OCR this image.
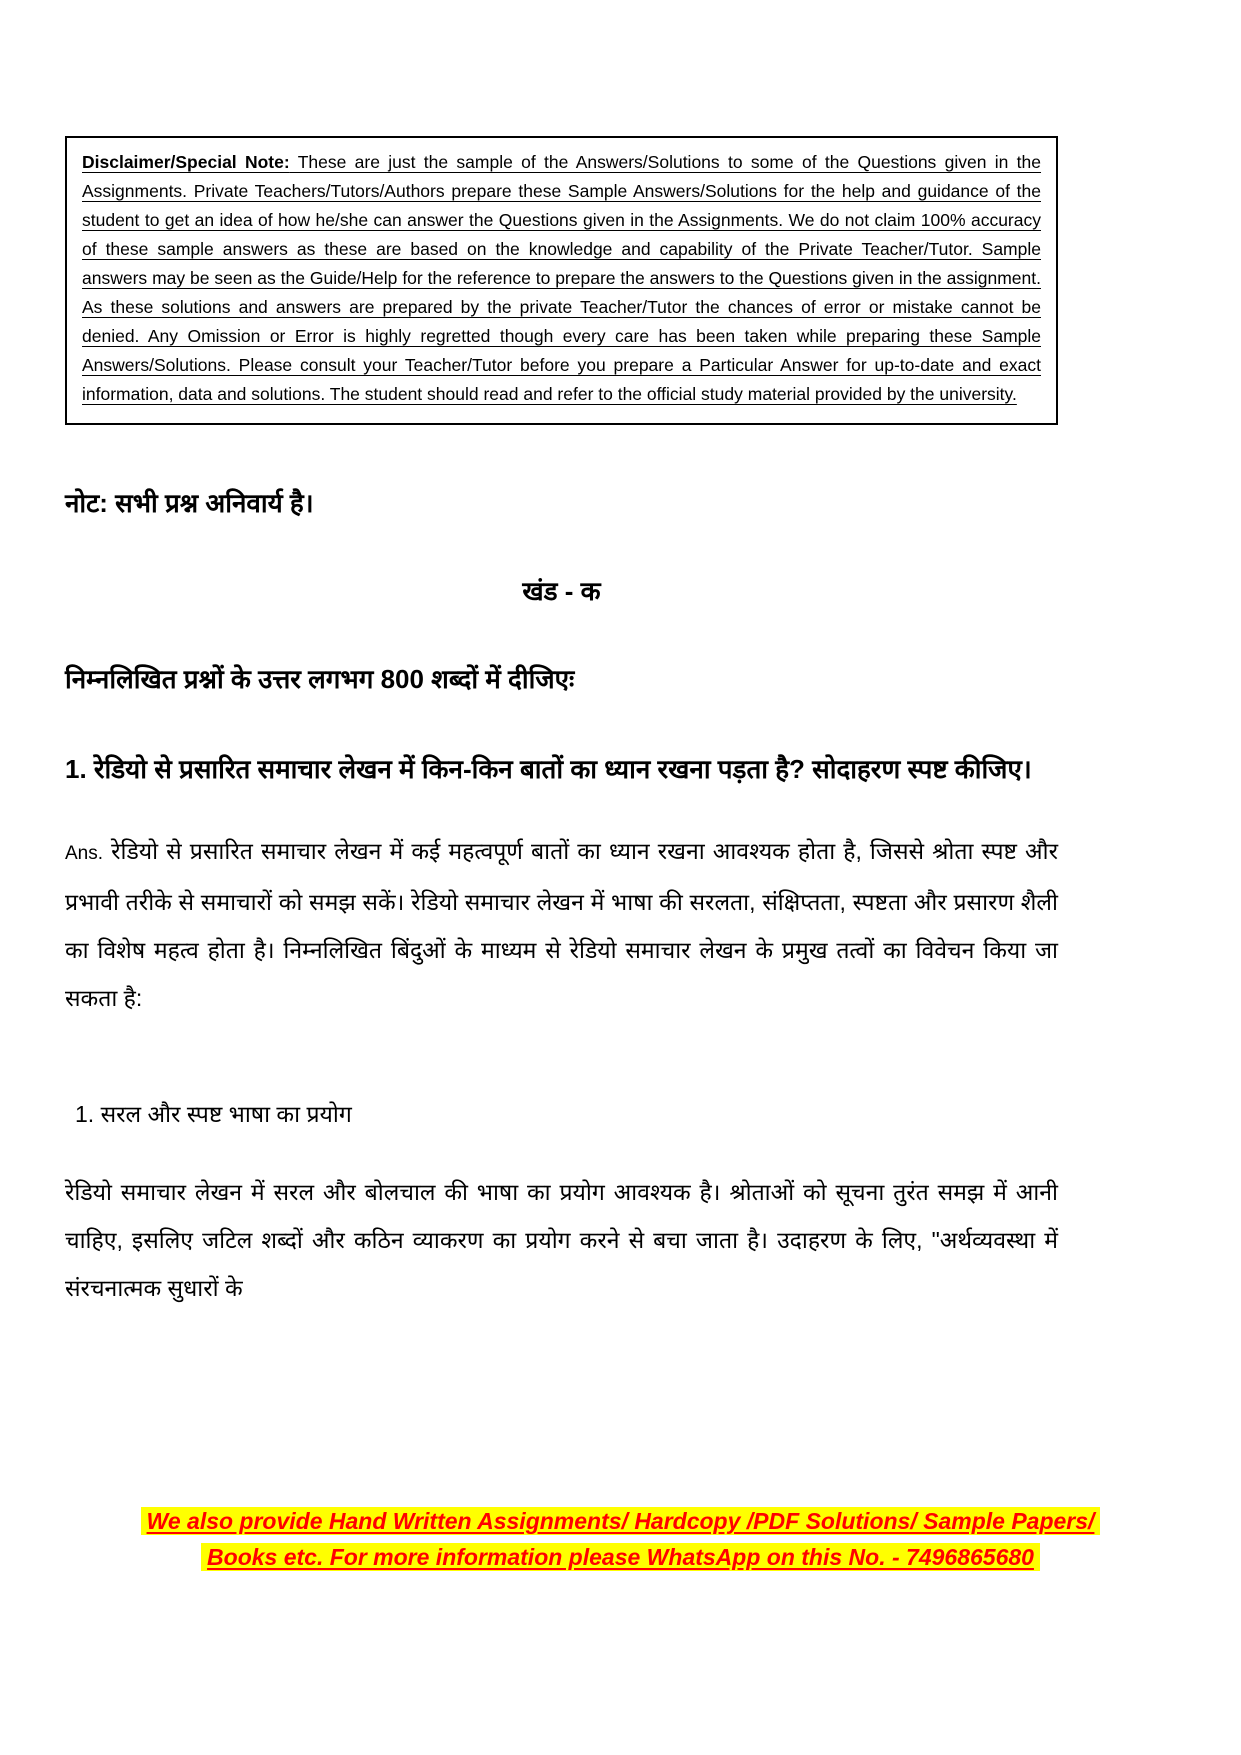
Disclaimer/Special Note: These are just the sample of the Answers/Solutions to some of the Questions given in the Assignments. Private Teachers/Tutors/Authors prepare these Sample Answers/Solutions for the help and guidance of the student to get an idea of how he/she can answer the Questions given in the Assignments. We do not claim 100% accuracy of these sample answers as these are based on the knowledge and capability of the Private Teacher/Tutor. Sample answers may be seen as the Guide/Help for the reference to prepare the answers to the Questions given in the assignment. As these solutions and answers are prepared by the private Teacher/Tutor the chances of error or mistake cannot be denied. Any Omission or Error is highly regretted though every care has been taken while preparing these Sample Answers/Solutions. Please consult your Teacher/Tutor before you prepare a Particular Answer for up-to-date and exact information, data and solutions. The student should read and refer to the official study material provided by the university.

नोट: सभी प्रश्न अनिवार्य है।
खंड - क
निम्नलिखित प्रश्नों के उत्तर लगभग 800 शब्दों में दीजिएः
1. रेडियो से प्रसारित समाचार लेखन में किन-किन बातों का ध्यान रखना पड़ता है? सोदाहरण स्पष्ट कीजिए।

Ans. रेडियो से प्रसारित समाचार लेखन में कई महत्वपूर्ण बातों का ध्यान रखना आवश्यक होता है, जिससे श्रोता स्पष्ट और प्रभावी तरीके से समाचारों को समझ सकें। रेडियो समाचार लेखन में भाषा की सरलता, संक्षिप्तता, स्पष्टता और प्रसारण शैली का विशेष महत्व होता है। निम्नलिखित बिंदुओं के माध्यम से रेडियो समाचार लेखन के प्रमुख तत्वों का विवेचन किया जा सकता है:

1. सरल और स्पष्ट भाषा का प्रयोग

रेडियो समाचार लेखन में सरल और बोलचाल की भाषा का प्रयोग आवश्यक है। श्रोताओं को सूचना तुरंत समझ में आनी चाहिए, इसलिए जटिल शब्दों और कठिन व्याकरण का प्रयोग करने से बचा जाता है। उदाहरण के लिए, "अर्थव्यवस्था में संरचनात्मक सुधारों के

We also provide Hand Written Assignments/ Hardcopy /PDF Solutions/ Sample Papers/
Books etc. For more information please WhatsApp on this No. - 7496865680
